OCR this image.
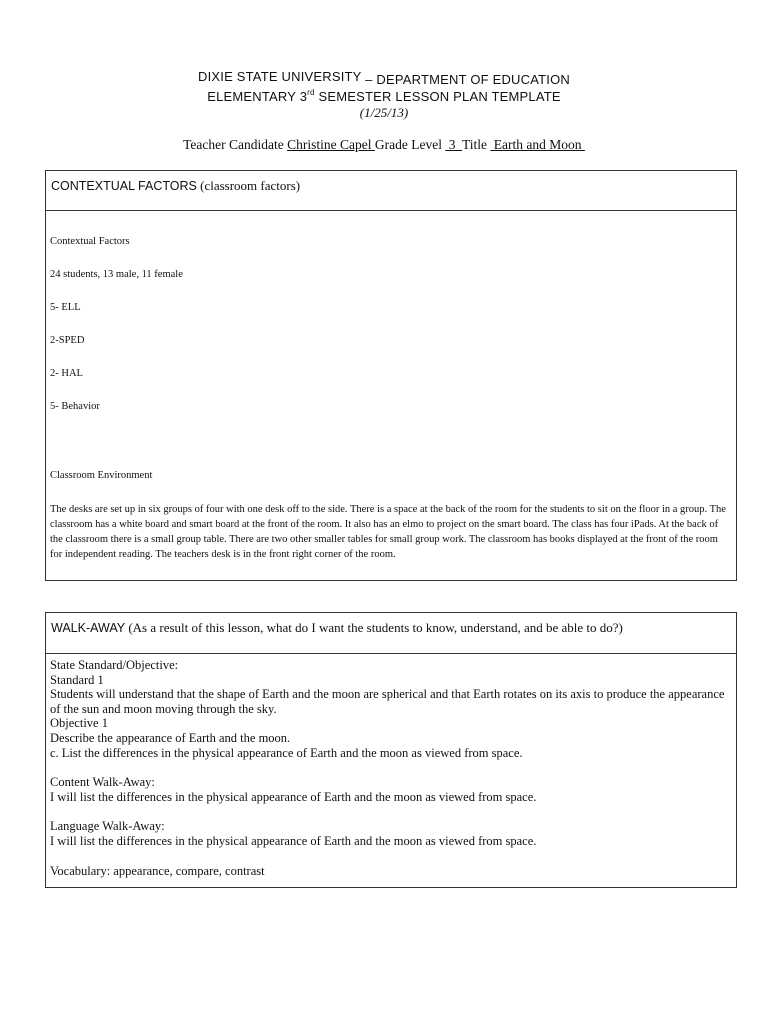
DIXIE STATE UNIVERSITY – DEPARTMENT OF EDUCATION
ELEMENTARY 3rd SEMESTER LESSON PLAN TEMPLATE
(1/25/13)
Teacher Candidate Christine Capel Grade Level  3  Title  Earth and Moon
CONTEXTUAL FACTORS (classroom factors)

Contextual Factors

24 students, 13 male, 11 female

5- ELL

2-SPED

2- HAL

5- Behavior

Classroom Environment

The desks are set up in six groups of four with one desk off to the side. There is a space at the back of the room for the students to sit on the floor in a group. The classroom has a white board and smart board at the front of the room. It also has an elmo to project on the smart board. The class has four iPads. At the back of the classroom there is a small group table. There are two other smaller tables for small group work. The classroom has books displayed at the front of the room for independent reading. The teachers desk is in the front right corner of the room.

WALK-AWAY (As a result of this lesson, what do I want the students to know, understand, and be able to do?)
State Standard/Objective:
Standard 1
Students will understand that the shape of Earth and the moon are spherical and that Earth rotates on its axis to produce the appearance of the sun and moon moving through the sky.
Objective 1
Describe the appearance of Earth and the moon.
c. List the differences in the physical appearance of Earth and the moon as viewed from space.
Content Walk-Away:
I will list the differences in the physical appearance of Earth and the moon as viewed from space.
Language Walk-Away:
I will list the differences in the physical appearance of Earth and the moon as viewed from space.
Vocabulary: appearance, compare, contrast
